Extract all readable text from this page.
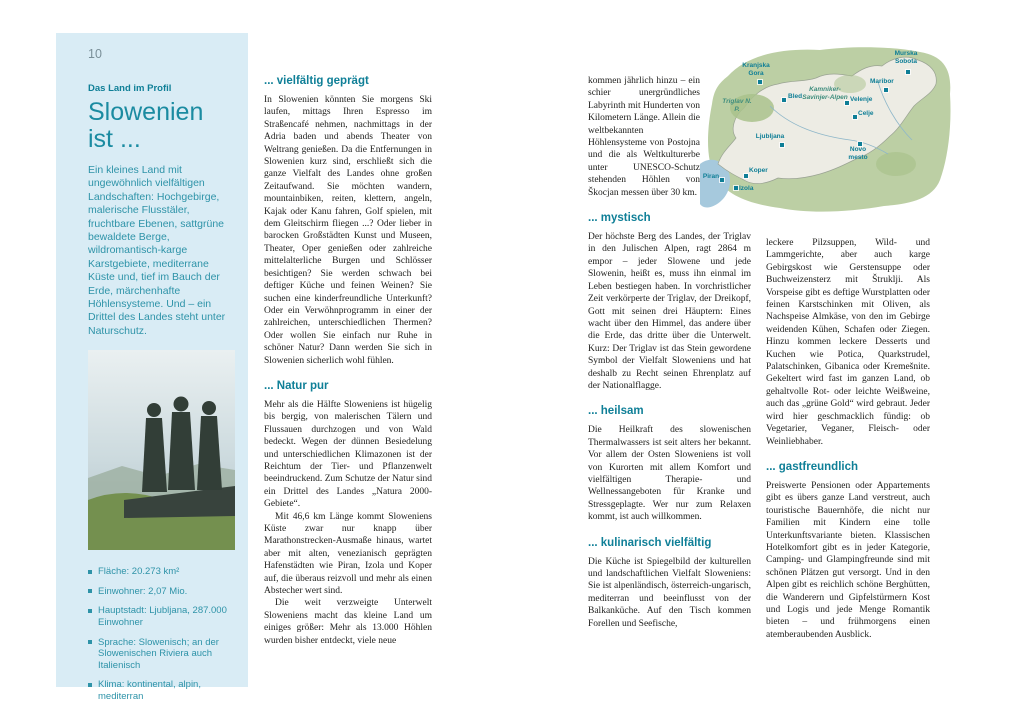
10
Das Land im Profil
Slowenien
ist ...

Ein kleines Land mit ungewöhnlich vielfältigen Landschaften: Hochgebirge, malerische Flusstäler, fruchtbare Ebenen, sattgrüne bewaldete Berge, wildromantisch-karge Karstgebiete, mediterrane Küste und, tief im Bauch der Erde, märchenhafte Höhlensysteme. Und – ein Drittel des Landes steht unter Naturschutz.

Fläche: 20.273 km²
Einwohner: 2,07 Mio.
Hauptstadt: Ljubljana, 287.000 Einwohner
Sprache: Slowenisch; an der Slowenischen Riviera auch Italienisch
Klima: kontinental, alpin, mediterran
... vielfältig geprägt

In Slowenien könnten Sie morgens Ski laufen, mittags Ihren Espresso im Straßencafé nehmen, nachmittags in der Adria baden und abends Theater von Weltrang genießen. Da die Entfernungen in Slowenien kurz sind, erschließt sich die ganze Vielfalt des Landes ohne großen Zeitaufwand. Sie möchten wandern, mountainbiken, reiten, klettern, angeln, Kajak oder Kanu fahren, Golf spielen, mit dem Gleitschirm fliegen ...? Oder lieber in barocken Großstädten Kunst und Museen, Theater, Oper genießen oder zahlreiche mittelalterliche Burgen und Schlösser besichtigen? Sie werden schwach bei deftiger Küche und feinen Weinen? Sie suchen eine kinderfreundliche Unterkunft? Oder ein Verwöhnprogramm in einer der zahlreichen, unterschiedlichen Thermen? Oder wollen Sie einfach nur Ruhe in schöner Natur? Dann werden Sie sich in Slowenien sicherlich wohl fühlen.

... Natur pur

Mehr als die Hälfte Sloweniens ist hügelig bis bergig, von malerischen Tälern und Flussauen durchzogen und von Wald bedeckt. Wegen der dünnen Besiedelung und unterschiedlichen Klimazonen ist der Reichtum der Tier- und Pflanzenwelt beeindruckend. Zum Schutze der Natur sind ein Drittel des Landes „Natura 2000-Gebiete“.

Mit 46,6 km Länge kommt Sloweniens Küste zwar nur knapp über Marathonstrecken-Ausmaße hinaus, wartet aber mit alten, venezianisch geprägten Hafenstädten wie Piran, Izola und Koper auf, die überaus reizvoll und mehr als einen Abstecher wert sind.

Die weit verzweigte Unterwelt Sloweniens macht das kleine Land um einiges größer: Mehr als 13.000 Höhlen wurden bisher entdeckt, viele neue

kommen jährlich hinzu – ein schier unergründliches Labyrinth mit Hunderten von Kilometern Länge. Allein die weltbekannten Höhlensysteme von Postojna und die als Weltkulturerbe unter UNESCO-Schutz stehenden Höhlen von Škocjan messen über 30 km.

... mystisch

Der höchste Berg des Landes, der Triglav in den Julischen Alpen, ragt 2864 m empor – jeder Slowene und jede Slowenin, heißt es, muss ihn einmal im Leben bestiegen haben. In vorchristlicher Zeit verkörperte der Triglav, der Dreikopf, Gott mit seinen drei Häuptern: Eines wacht über den Himmel, das andere über die Erde, das dritte über die Unterwelt. Kurz: Der Triglav ist das Stein gewordene Symbol der Vielfalt Sloweniens und hat deshalb zu Recht seinen Ehrenplatz auf der Nationalflagge.

... heilsam

Die Heilkraft des slowenischen Thermalwassers ist seit alters her bekannt. Vor allem der Osten Sloweniens ist voll von Kurorten mit allem Komfort und vielfältigen Therapie- und Wellnessangeboten für Kranke und Stressgeplagte. Wer nur zum Relaxen kommt, ist auch willkommen.

... kulinarisch vielfältig

Die Küche ist Spiegelbild der kulturellen und landschaftlichen Vielfalt Sloweniens: Sie ist alpenländisch, österreich-ungarisch, mediterran und beeinflusst von der Balkanküche. Auf den Tisch kommen Forellen und Seefische,

Kranjska Gora
Murska Sobota
Maribor
Bled
Triglav N. P.
Kamniker-Savinjer-Alpen Velenje
Celje
Ljubljana
Novo mesto
Koper
Piran
Izola

leckere Pilzsuppen, Wild- und Lammgerichte, aber auch karge Gebirgskost wie Gerstensuppe oder Buchweizensterz mit Štruklji. Als Vorspeise gibt es deftige Wurstplatten oder feinen Karstschinken mit Oliven, als Nachspeise Almkäse, von den im Gebirge weidenden Kühen, Schafen oder Ziegen. Hinzu kommen leckere Desserts und Kuchen wie Potica, Quarkstrudel, Palatschinken, Gibanica oder Kremešnite. Gekeltert wird fast im ganzen Land, ob gehaltvolle Rot- oder leichte Weißweine, auch das „grüne Gold“ wird gebraut. Jeder wird hier geschmacklich fündig: ob Vegetarier, Veganer, Fleisch- oder Weinliebhaber.

... gastfreundlich

Preiswerte Pensionen oder Appartements gibt es übers ganze Land verstreut, auch touristische Bauernhöfe, die nicht nur Familien mit Kindern eine tolle Unterkunftsvariante bieten. Klassischen Hotelkomfort gibt es in jeder Kategorie, Camping- und Glampingfreunde sind mit schönen Plätzen gut versorgt. Und in den Alpen gibt es reichlich schöne Berghütten, die Wanderern und Gipfelstürmern Kost und Logis und jede Menge Romantik bieten – und frühmorgens einen atemberaubenden Ausblick.
